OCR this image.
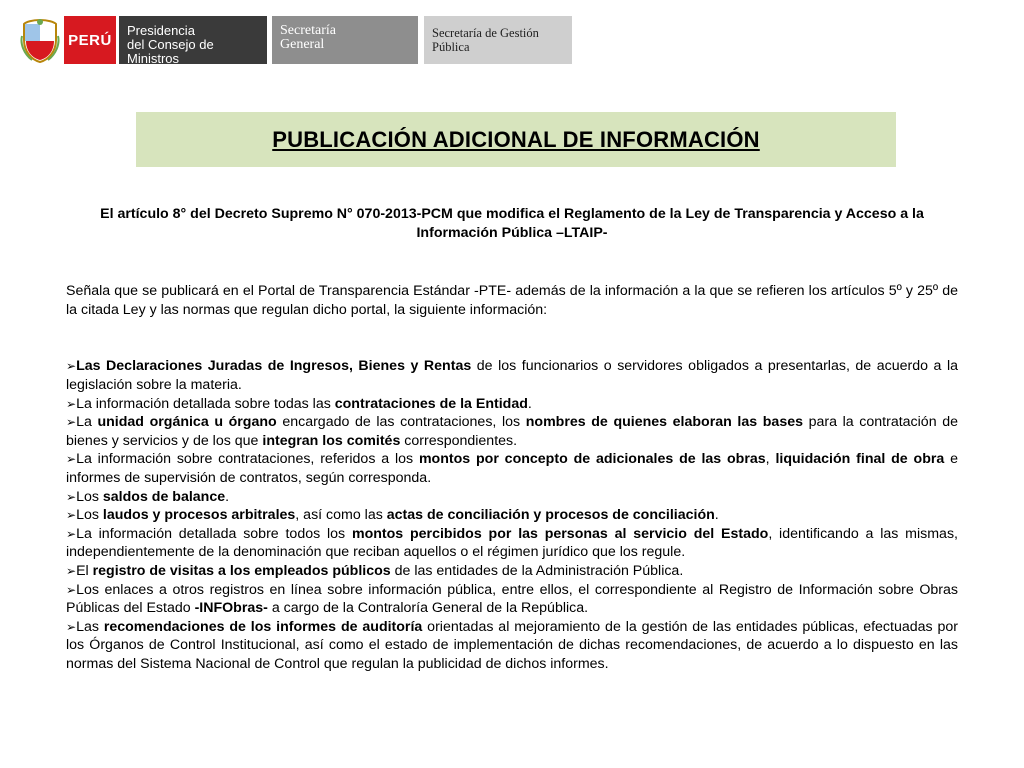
PERÚ
Presidencia
del Consejo de Ministros
Secretaría
General
Secretaría de Gestión
Pública
PUBLICACIÓN ADICIONAL DE INFORMACIÓN

El artículo 8° del Decreto Supremo N° 070-2013-PCM que modifica el Reglamento de la Ley de Transparencia y Acceso a la Información Pública –LTAIP-

Señala que se publicará en el Portal de Transparencia Estándar -PTE- además de la información a la que se refieren los artículos 5º y 25º de la citada Ley y las normas que regulan dicho portal, la siguiente información:

➢Las Declaraciones Juradas de Ingresos, Bienes y Rentas de los funcionarios o servidores obligados a presentarlas, de acuerdo a la legislación sobre la materia.
➢La información detallada sobre todas las contrataciones de la Entidad.
➢La unidad orgánica u órgano encargado de las contrataciones, los nombres de quienes elaboran las bases para la contratación de bienes y servicios y de los que integran los comités correspondientes.
➢La información sobre contrataciones, referidos a los montos por concepto de adicionales de las obras, liquidación final de obra e informes de supervisión de contratos, según corresponda.
➢Los saldos de balance.
➢Los laudos y procesos arbitrales, así como las actas de conciliación y procesos de conciliación.
➢La información detallada sobre todos los montos percibidos por las personas al servicio del Estado, identificando a las mismas, independientemente de la denominación que reciban aquellos o el régimen jurídico que los regule.
➢El registro de visitas a los empleados públicos de las entidades de la Administración Pública.
➢Los enlaces a otros registros en línea sobre información pública, entre ellos, el correspondiente al Registro de Información sobre Obras Públicas del Estado -INFObras- a cargo de la Contraloría General de la República.
➢Las recomendaciones de los informes de auditoría orientadas al mejoramiento de la gestión de las entidades públicas, efectuadas por los Órganos de Control Institucional, así como el estado de implementación de dichas recomendaciones, de acuerdo a lo dispuesto en las normas del Sistema Nacional de Control que regulan la publicidad de dichos informes.
